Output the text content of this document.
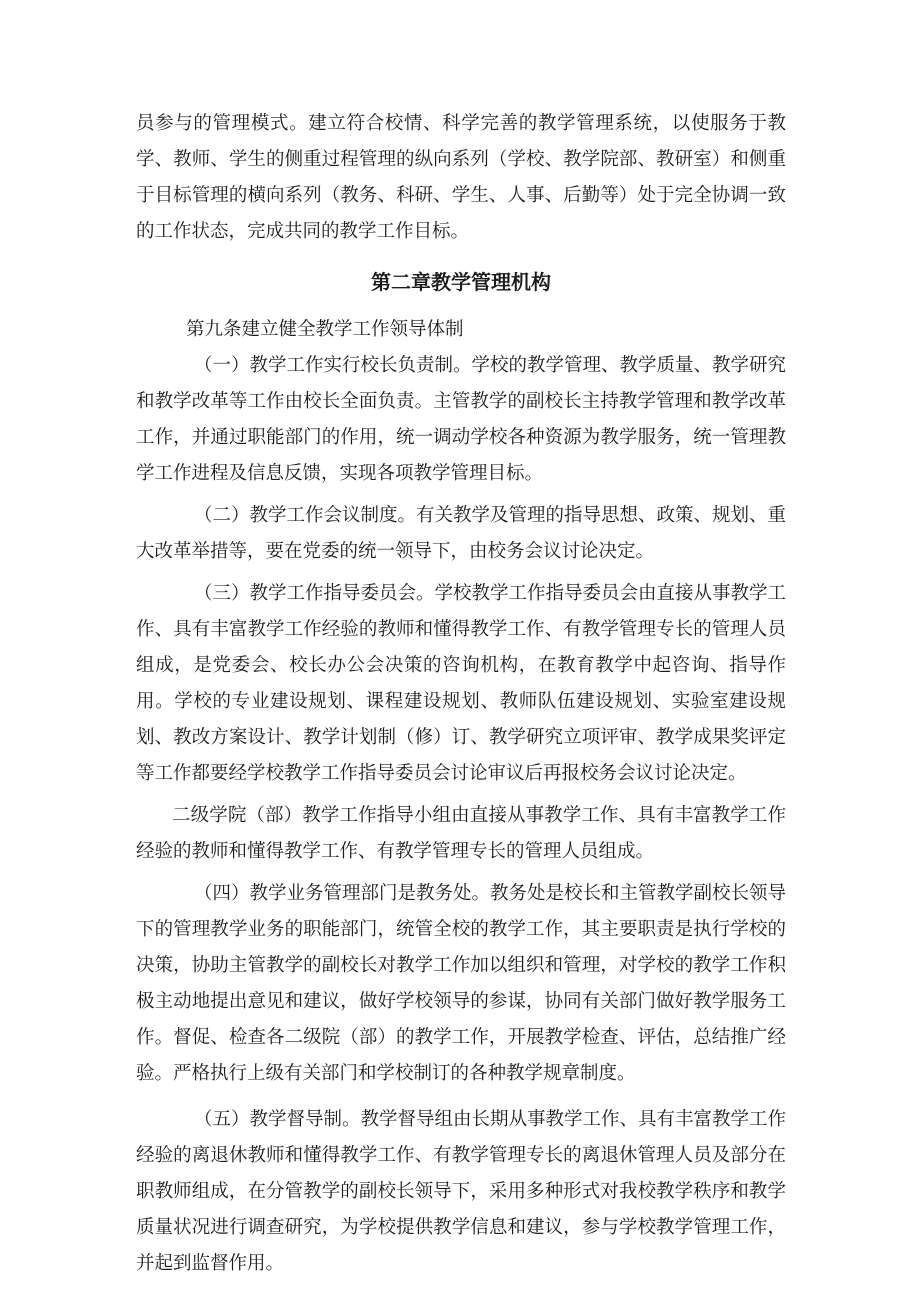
员参与的管理模式。建立符合校情、科学完善的教学管理系统，以使服务于教学、教师、学生的侧重过程管理的纵向系列（学校、教学院部、教研室）和侧重于目标管理的横向系列（教务、科研、学生、人事、后勤等）处于完全协调一致的工作状态，完成共同的教学工作目标。

第二章教学管理机构

第九条建立健全教学工作领导体制

（一）教学工作实行校长负责制。学校的教学管理、教学质量、教学研究和教学改革等工作由校长全面负责。主管教学的副校长主持教学管理和教学改革工作，并通过职能部门的作用，统一调动学校各种资源为教学服务，统一管理教学工作进程及信息反馈，实现各项教学管理目标。

（二）教学工作会议制度。有关教学及管理的指导思想、政策、规划、重大改革举措等，要在党委的统一领导下，由校务会议讨论决定。

（三）教学工作指导委员会。学校教学工作指导委员会由直接从事教学工作、具有丰富教学工作经验的教师和懂得教学工作、有教学管理专长的管理人员组成，是党委会、校长办公会决策的咨询机构，在教育教学中起咨询、指导作用。学校的专业建设规划、课程建设规划、教师队伍建设规划、实验室建设规划、教改方案设计、教学计划制（修）订、教学研究立项评审、教学成果奖评定等工作都要经学校教学工作指导委员会讨论审议后再报校务会议讨论决定。

二级学院（部）教学工作指导小组由直接从事教学工作、具有丰富教学工作经验的教师和懂得教学工作、有教学管理专长的管理人员组成。

（四）教学业务管理部门是教务处。教务处是校长和主管教学副校长领导下的管理教学业务的职能部门，统管全校的教学工作，其主要职责是执行学校的决策，协助主管教学的副校长对教学工作加以组织和管理，对学校的教学工作积极主动地提出意见和建议，做好学校领导的参谋，协同有关部门做好教学服务工作。督促、检查各二级院（部）的教学工作，开展教学检查、评估，总结推广经验。严格执行上级有关部门和学校制订的各种教学规章制度。

（五）教学督导制。教学督导组由长期从事教学工作、具有丰富教学工作经验的离退休教师和懂得教学工作、有教学管理专长的离退休管理人员及部分在职教师组成，在分管教学的副校长领导下，采用多种形式对我校教学秩序和教学质量状况进行调查研究，为学校提供教学信息和建议，参与学校教学管理工作，并起到监督作用。
